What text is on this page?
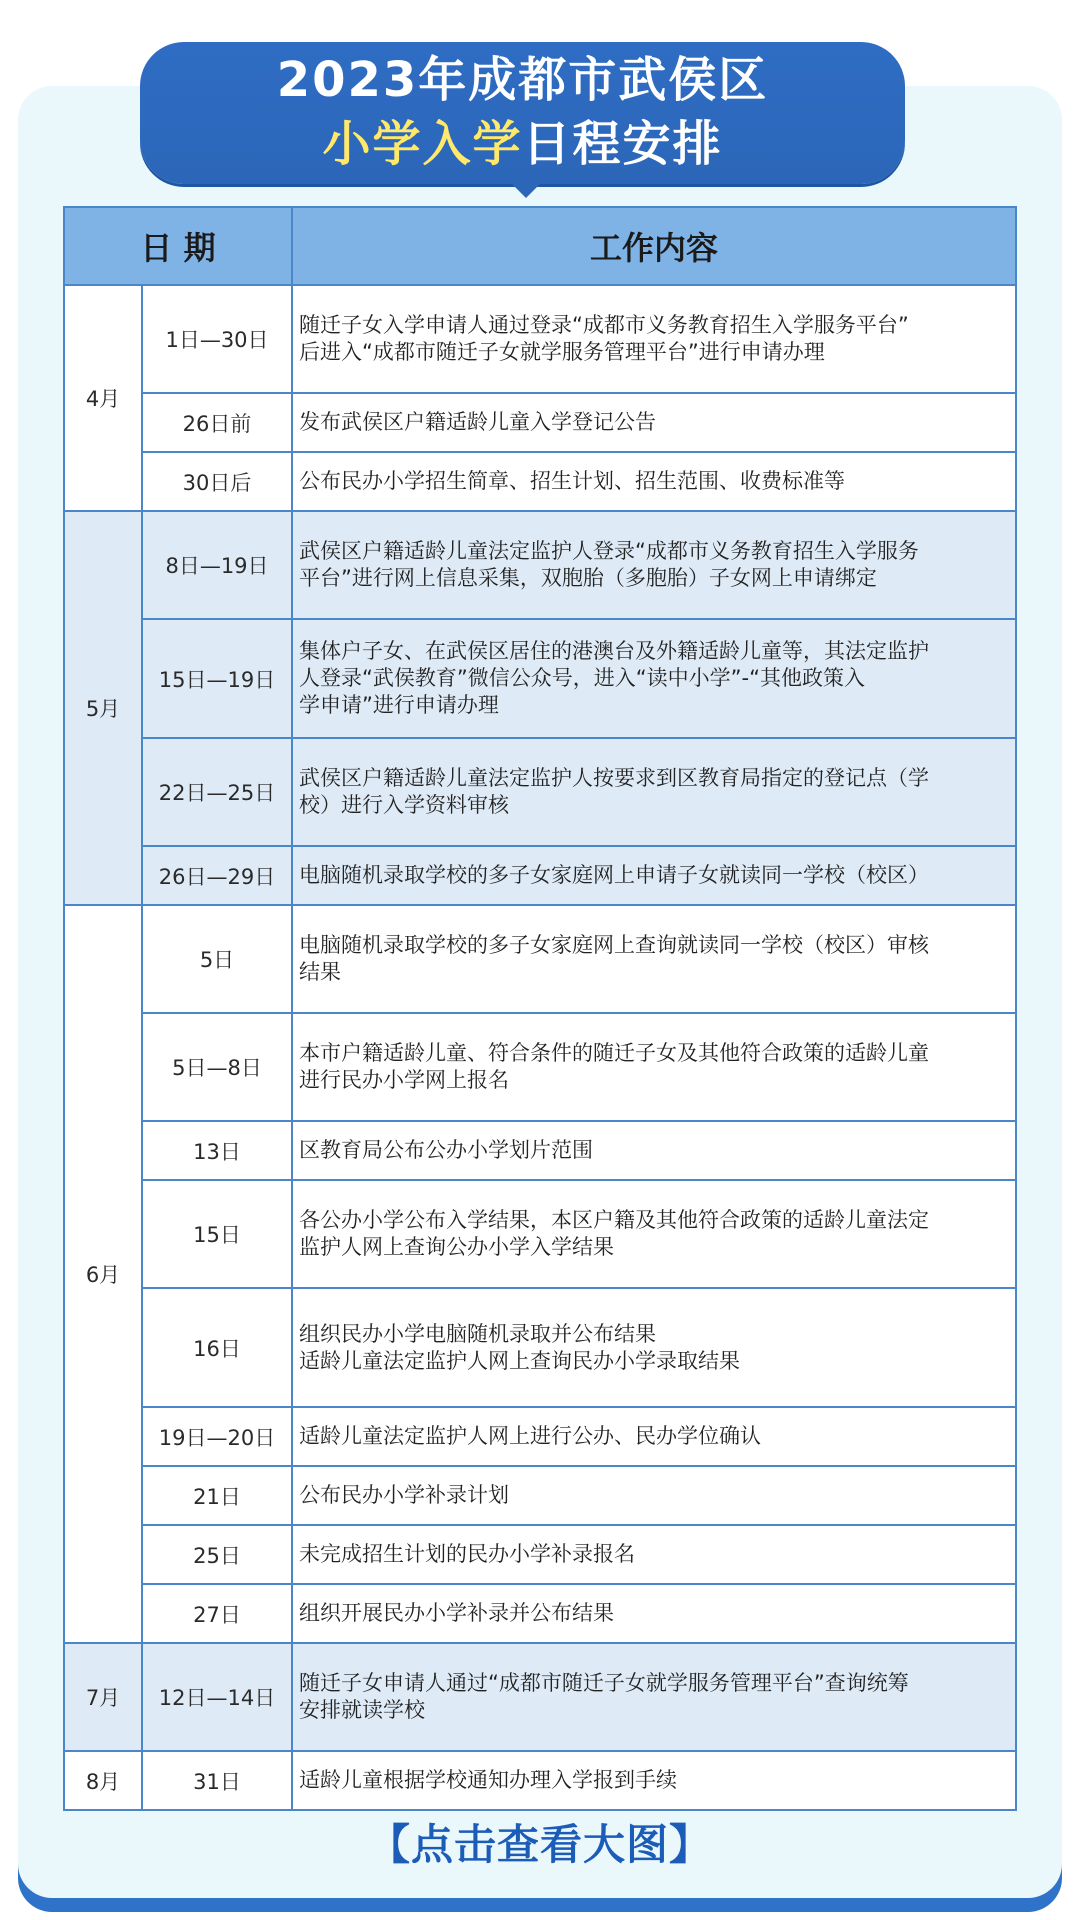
2023年成都市武侯区
小学入学日程安排
日 期		工作内容
4月	1日—30日	随迁子女入学申请人通过登录“成都市义务教育招生入学服务平台”
后进入“成都市随迁子女就学服务管理平台”进行申请办理

	26日前	发布武侯区户籍适龄儿童入学登记公告

	30日后	公布民办小学招生简章、招生计划、招生范围、收费标准等

5月	8日—19日	武侯区户籍适龄儿童法定监护人登录“成都市义务教育招生入学服务
平台”进行网上信息采集，双胞胎（多胞胎）子女网上申请绑定

	15日—19日	集体户子女、在武侯区居住的港澳台及外籍适龄儿童等，其法定监护
人登录“武侯教育”微信公众号，进入“读中小学”-“其他政策入
学申请”进行申请办理

	22日—25日	武侯区户籍适龄儿童法定监护人按要求到区教育局指定的登记点（学
校）进行入学资料审核

	26日—29日	电脑随机录取学校的多子女家庭网上申请子女就读同一学校（校区）

6月	5日	电脑随机录取学校的多子女家庭网上查询就读同一学校（校区）审核
结果

	5日—8日	本市户籍适龄儿童、符合条件的随迁子女及其他符合政策的适龄儿童
进行民办小学网上报名

	13日	区教育局公布公办小学划片范围

	15日	各公办小学公布入学结果，本区户籍及其他符合政策的适龄儿童法定
监护人网上查询公办小学入学结果

	16日	组织民办小学电脑随机录取并公布结果
适龄儿童法定监护人网上查询民办小学录取结果

	19日—20日	适龄儿童法定监护人网上进行公办、民办学位确认

	21日	公布民办小学补录计划

	25日	未完成招生计划的民办小学补录报名

	27日	组织开展民办小学补录并公布结果

7月	12日—14日	随迁子女申请人通过“成都市随迁子女就学服务管理平台”查询统筹
安排就读学校

8月	31日	适龄儿童根据学校通知办理入学报到手续
【点击查看大图】
